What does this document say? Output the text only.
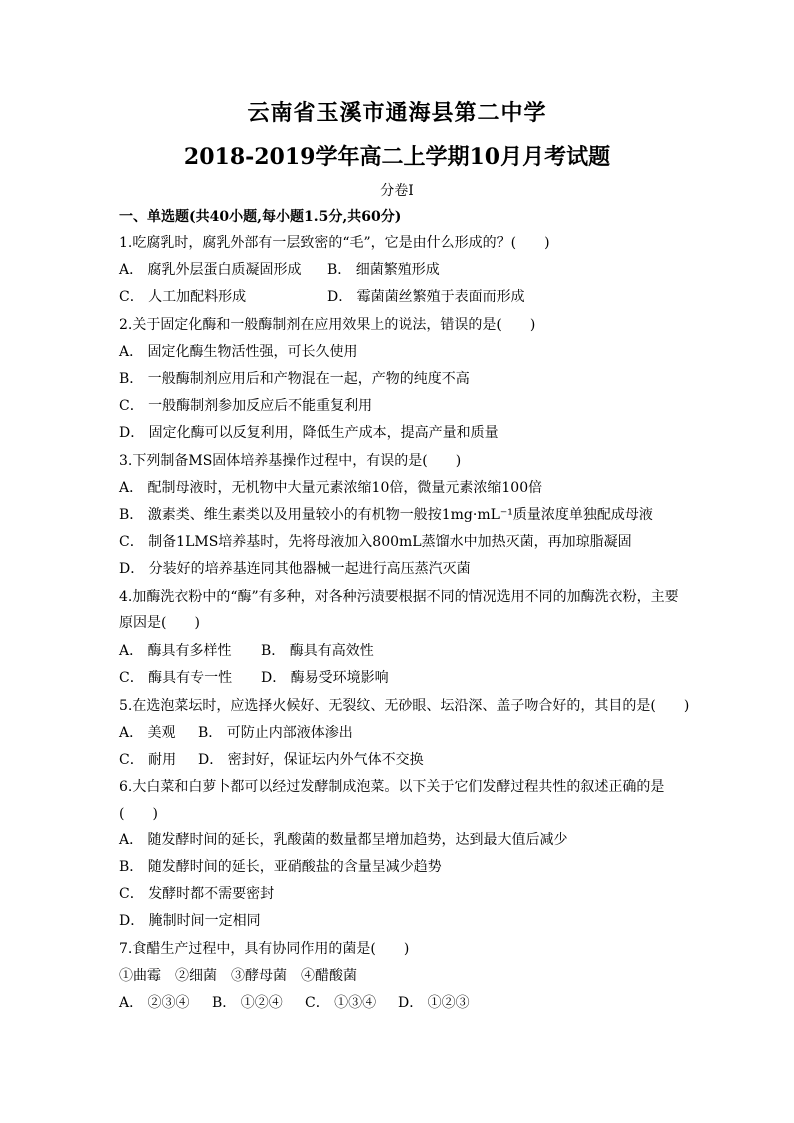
云南省玉溪市通海县第二中学
2018-2019学年高二上学期10月月考试题
分卷I
一、单选题(共40小题,每小题1.5分,共60分)
1.吃腐乳时，腐乳外部有一层致密的“毛”，它是由什么形成的？(　　)
A． 腐乳外层蛋白质凝固形成 B． 细菌繁殖形成
C． 人工加配料形成	D． 霉菌菌丝繁殖于表面而形成
2.关于固定化酶和一般酶制剂在应用效果上的说法，错误的是(　　)
A． 固定化酶生物活性强，可长久使用
B． 一般酶制剂应用后和产物混在一起，产物的纯度不高
C． 一般酶制剂参加反应后不能重复利用
D． 固定化酶可以反复利用，降低生产成本，提高产量和质量
3.下列制备MS固体培养基操作过程中，有误的是(　　)
A． 配制母液时，无机物中大量元素浓缩10倍，微量元素浓缩100倍
B． 激素类、维生素类以及用量较小的有机物一般按1mg·mL⁻¹质量浓度单独配成母液
C． 制备1LMS培养基时，先将母液加入800mL蒸馏水中加热灭菌，再加琼脂凝固
D． 分装好的培养基连同其他器械一起进行高压蒸汽灭菌
4.加酶洗衣粉中的“酶”有多种，对各种污渍要根据不同的情况选用不同的加酶洗衣粉，主要
原因是(　　)
A． 酶具有多样性 B． 酶具有高效性
C． 酶具有专一性 D． 酶易受环境影响
5.在选泡菜坛时，应选择火候好、无裂纹、无砂眼、坛沿深、盖子吻合好的，其目的是(　　)
A． 美观 B． 可防止内部液体渗出
C． 耐用 D． 密封好，保证坛内外气体不交换
6.大白菜和白萝卜都可以经过发酵制成泡菜。以下关于它们发酵过程共性的叙述正确的是
(　　)
A． 随发酵时间的延长，乳酸菌的数量都呈增加趋势，达到最大值后减少
B． 随发酵时间的延长，亚硝酸盐的含量呈减少趋势
C． 发酵时都不需要密封
D． 腌制时间一定相同
7.食醋生产过程中，具有协同作用的菌是(　　)
①曲霉　②细菌　③酵母菌　④醋酸菌
A． ②③④ B． ①②④ C． ①③④ D． ①②③
